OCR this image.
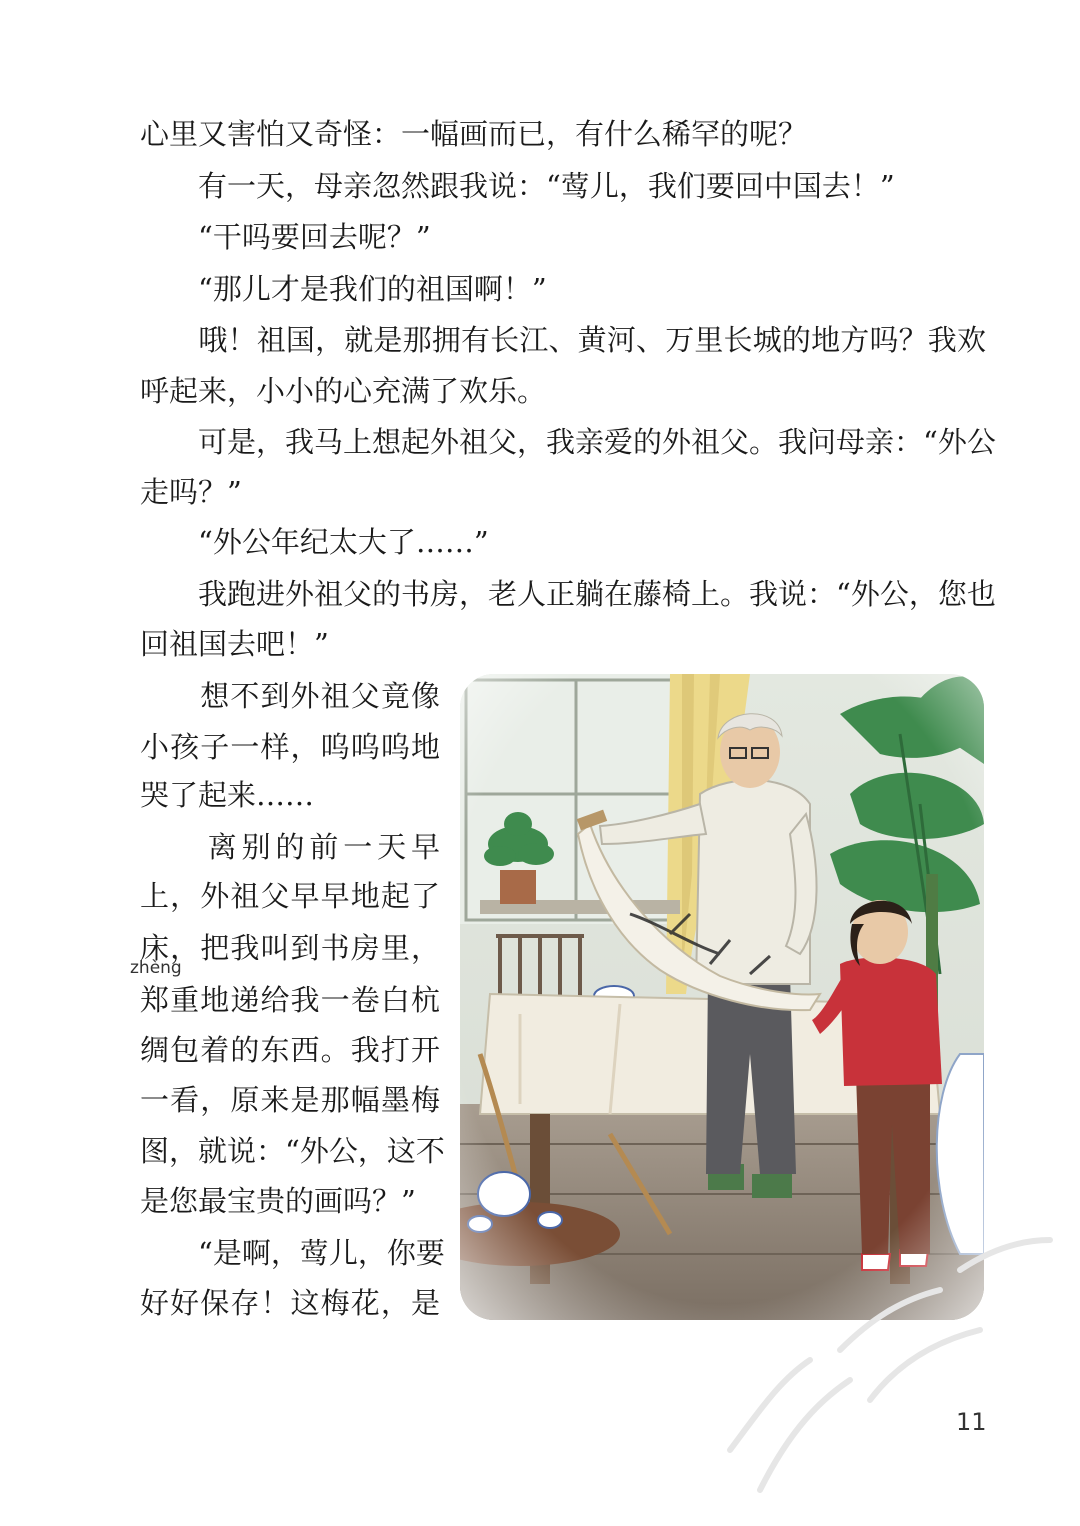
心里又害怕又奇怪：一幅画而已，有什么稀罕的呢？
　　有一天，母亲忽然跟我说：“莺儿，我们要回中国去！”
　　“干吗要回去呢？”
　　“那儿才是我们的祖国啊！”
　　哦！祖国，就是那拥有长江、黄河、万里长城的地方吗？我欢
呼起来，小小的心充满了欢乐。
　　可是，我马上想起外祖父，我亲爱的外祖父。我问母亲：“外公
走吗？”
　　“外公年纪太大了……”
　　我跑进外祖父的书房，老人正躺在藤椅上。我说：“外公，您也
回祖国去吧！”
　　想不到外祖父竟像
小孩子一样，呜呜呜地
哭了起来……
　　离别的前一天早
上，外祖父早早地起了
床，把我叫到书房里，
zhèng
郑重地递给我一卷白杭
绸包着的东西。我打开
一看，原来是那幅墨梅
图，就说：“外公，这不
是您最宝贵的画吗？”
　　“是啊，莺儿，你要
好好保存！这梅花，是
11
